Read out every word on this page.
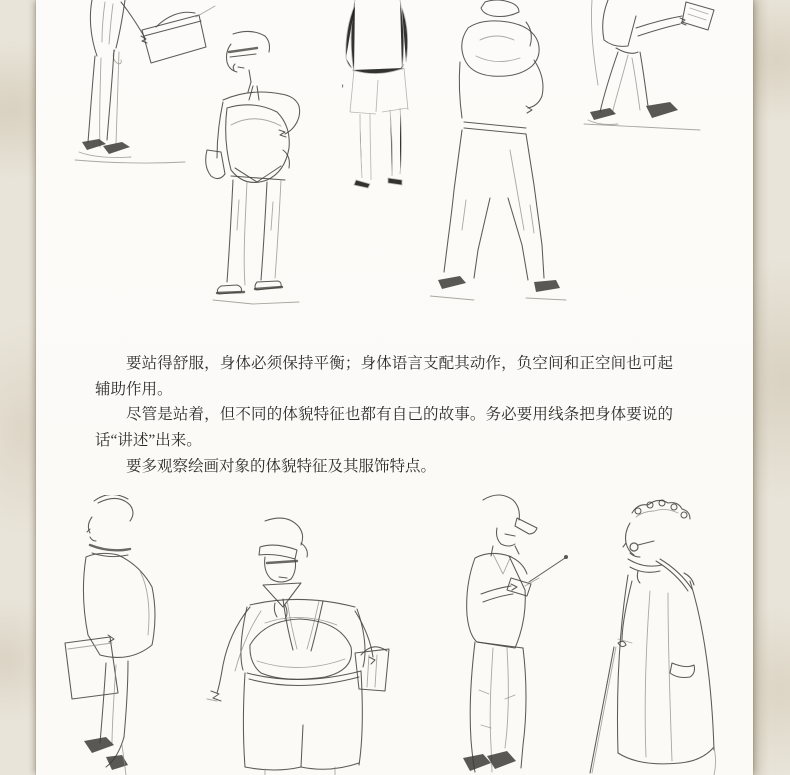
要站得舒服，身体必须保持平衡；身体语言支配其动作，负空间和正空间也可起辅助作用。

尽管是站着，但不同的体貌特征也都有自己的故事。务必要用线条把身体要说的话“讲述”出来。

要多观察绘画对象的体貌特征及其服饰特点。
